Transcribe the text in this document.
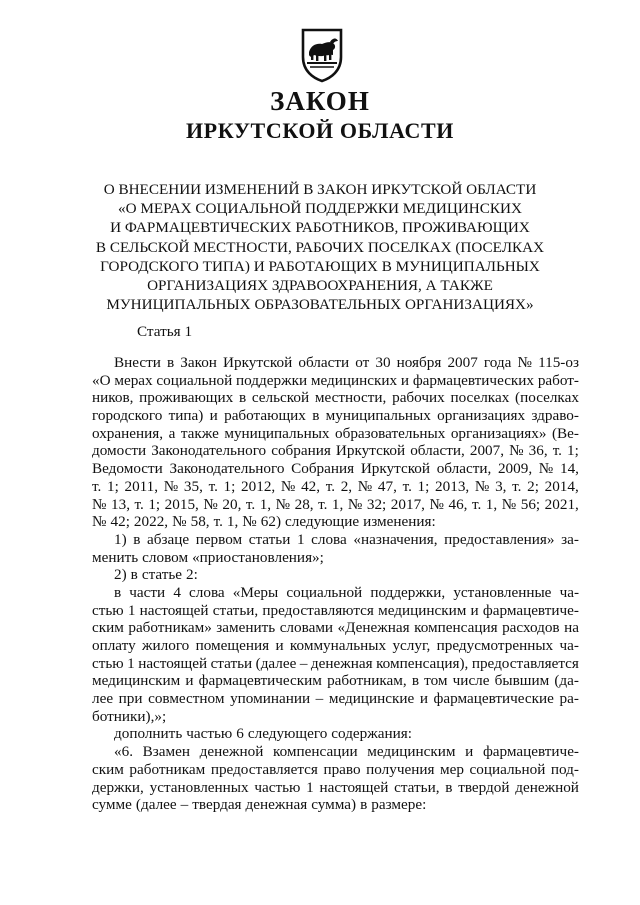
ЗАКОН
ИРКУТСКОЙ ОБЛАСТИ
О ВНЕСЕНИИ ИЗМЕНЕНИЙ В ЗАКОН ИРКУТСКОЙ ОБЛАСТИ
«О МЕРАХ СОЦИАЛЬНОЙ ПОДДЕРЖКИ МЕДИЦИНСКИХ
И ФАРМАЦЕВТИЧЕСКИХ РАБОТНИКОВ, ПРОЖИВАЮЩИХ
В СЕЛЬСКОЙ МЕСТНОСТИ, РАБОЧИХ ПОСЕЛКАХ (ПОСЕЛКАХ
ГОРОДСКОГО ТИПА) И РАБОТАЮЩИХ В МУНИЦИПАЛЬНЫХ
ОРГАНИЗАЦИЯХ ЗДРАВООХРАНЕНИЯ, А ТАКЖЕ
МУНИЦИПАЛЬНЫХ ОБРАЗОВАТЕЛЬНЫХ ОРГАНИЗАЦИЯХ»
Статья 1
Внести в Закон Иркутской области от 30 ноября 2007 года № 115-оз
«О мерах социальной поддержки медицинских и фармацевтических работ-
ников, проживающих в сельской местности, рабочих поселках (поселках
городского типа) и работающих в муниципальных организациях здраво-
охранения, а также муниципальных образовательных организациях» (Ве-
домости Законодательного собрания Иркутской области, 2007, № 36, т. 1;
Ведомости Законодательного Собрания Иркутской области, 2009, № 14,
т. 1; 2011, № 35, т. 1; 2012, № 42, т. 2, № 47, т. 1; 2013, № 3, т. 2; 2014,
№ 13, т. 1; 2015, № 20, т. 1, № 28, т. 1, № 32; 2017, № 46, т. 1, № 56; 2021,
№ 42; 2022, № 58, т. 1, № 62) следующие изменения:
1) в абзаце первом статьи 1 слова «назначения, предоставления» за-
менить словом «приостановления»;
2) в статье 2:
в части 4 слова «Меры социальной поддержки, установленные ча-
стью 1 настоящей статьи, предоставляются медицинским и фармацевтиче-
ским работникам» заменить словами «Денежная компенсация расходов на
оплату жилого помещения и коммунальных услуг, предусмотренных ча-
стью 1 настоящей статьи (далее – денежная компенсация), предоставляется
медицинским и фармацевтическим работникам, в том числе бывшим (да-
лее при совместном упоминании – медицинские и фармацевтические ра-
ботники),»;
дополнить частью 6 следующего содержания:
«6. Взамен денежной компенсации медицинским и фармацевтиче-
ским работникам предоставляется право получения мер социальной под-
держки, установленных частью 1 настоящей статьи, в твердой денежной
сумме (далее – твердая денежная сумма) в размере:
